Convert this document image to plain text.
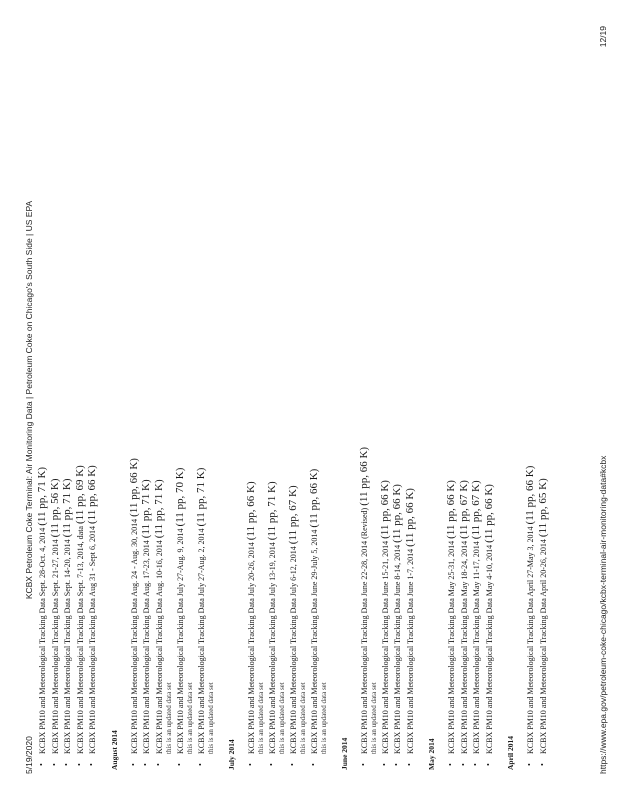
5/19/2020
KCBX Petroleum Coke Terminal: Air Monitoring Data | Petroleum Coke on Chicago's South Side | US EPA
• KCBX PM10 and Meteorological Tracking Data Sept. 28-Oct. 4, 2014 (11 pp, 71 K)
• KCBX PM10 and Meteorological Tracking Data Sept. 21-27, 2014 (11 pp, 56 K)
• KCBX PM10 and Meteorological Tracking Data Sept. 14-20, 2014 (11 pp, 71 K)
• KCBX PM10 and Meteorological Tracking Data Sept. 7-13, 2014, data (11 pp, 69 K)
• KCBX PM10 and Meteorological Tracking Data Aug 31 - Sept 6, 2014 (11 pp, 66 K)
August 2014 • KCBX PM10 and Meteorological Tracking Data Aug. 24 - Aug. 30, 2014 (11 pp, 66 K)
• KCBX PM10 and Meteorological Tracking Data Aug. 17-23, 2014 (11 pp, 71 K)
• KCBX PM10 and Meteorological Tracking Data Aug. 10-16, 2014 (11 pp, 71 K)
this is an updated data set • KCBX PM10 and Meteorological Tracking Data July 27-Aug. 9, 2014 (11 pp, 70 K)
this is an updated data set • KCBX PM10 and Meteorological Tracking Data July 27-Aug. 2, 2014 (11 pp, 71 K)
this is an updated data set
July 2014
• KCBX PM10 and Meteorological Tracking Data July 20-26, 2014 (11 pp, 66 K)
this is an updated data set • KCBX PM10 and Meteorological Tracking Data July 13-19, 2014 (11 pp, 71 K)
this is an updated data set • KCBX PM10 and Meteorological Tracking Data July 6-12, 2014 (11 pp, 67 K)
this is an updated data set • KCBX PM10 and Meteorological Tracking Data June 29-July 5, 2014 (11 pp, 66 K)
this is an updated data set June 2014 • KCBX PM10 and Meteorological Tracking Data June 22-28, 2014 (Revised) (11 pp, 66 K)
this is an updated data set • KCBX PM10 and Meteorological Tracking Data June 15-21, 2014 (11 pp, 66 K)
• KCBX PM10 and Meteorological Tracking Data June 8-14, 2014 (11 pp, 66 K)
• KCBX PM10 and Meteorological Tracking Data June 1-7, 2014 (11 pp, 66 K)
May 2014
• KCBX PM10 and Meteorological Tracking Data May 25-31, 2014 (11 pp, 66 K)
• KCBX PM10 and Meteorological Tracking Data May 18-24, 2014 (11 pp, 67 K)
• KCBX PM10 and Meteorological Tracking Data May 11-17, 2014 (11 pp, 67 K)
• KCBX PM10 and Meteorological Tracking Data May 4-10, 2014 (11 pp, 66 K)
April 2014 • KCBX PM10 and Meteorological Tracking Data April 27-May 3, 2014 (11 pp, 66 K)
• KCBX PM10 and Meteorological Tracking Data April 20-26, 2014 (11 pp, 65 K)	https://www.epa.gov/petroleum-coke-chicago/kcbx-terminal-air-monitoring-data#kcbx
12/19
